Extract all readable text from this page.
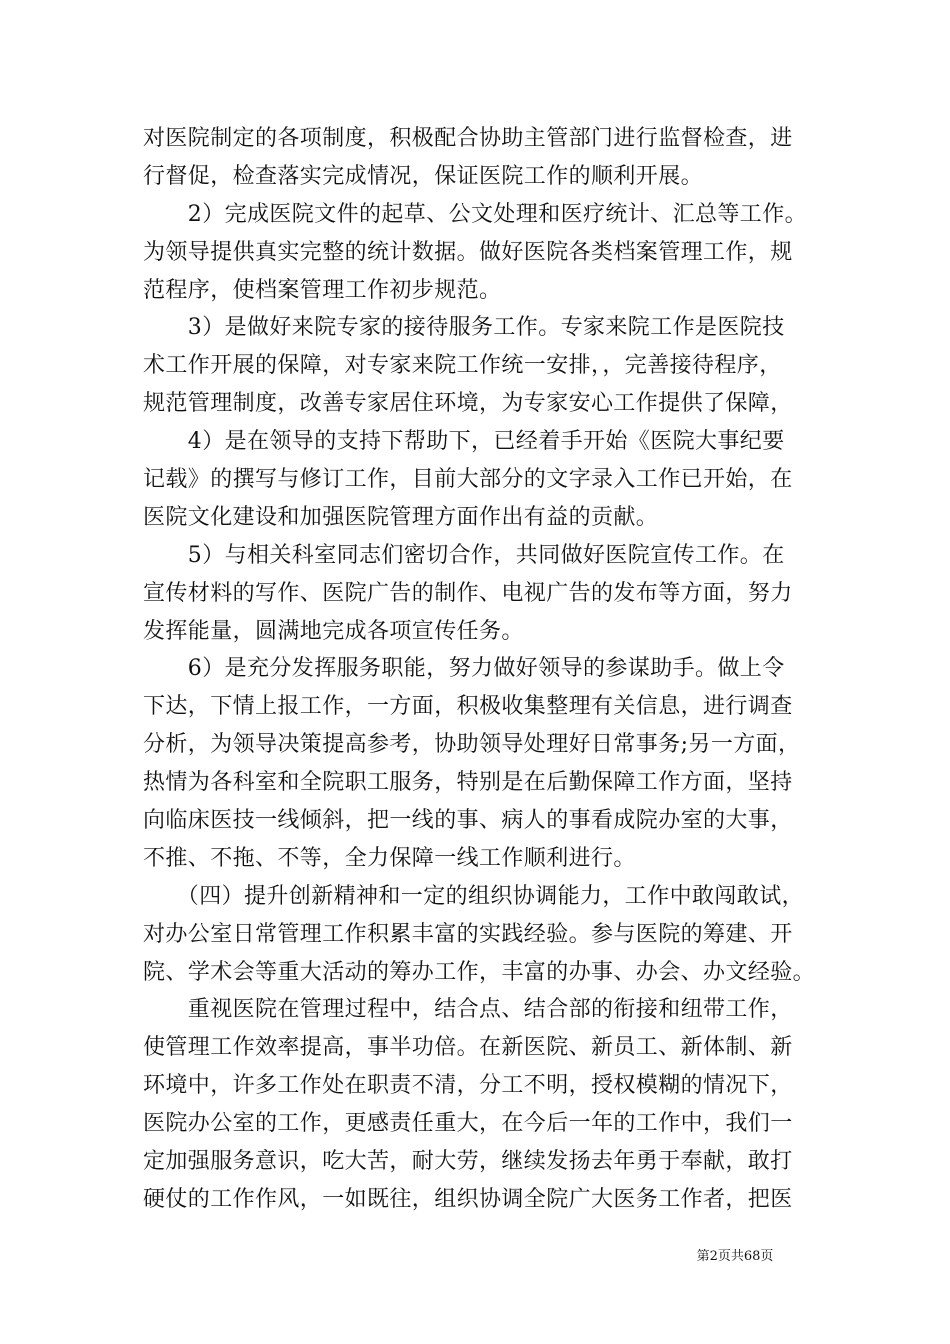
对医院制定的各项制度，积极配合协助主管部门进行监督检查，进
行督促，检查落实完成情况，保证医院工作的顺利开展。
　　2）完成医院文件的起草、公文处理和医疗统计、汇总等工作。
为领导提供真实完整的统计数据。做好医院各类档案管理工作，规
范程序，使档案管理工作初步规范。
　　3）是做好来院专家的接待服务工作。专家来院工作是医院技
术工作开展的保障，对专家来院工作统一安排，，完善接待程序，
规范管理制度，改善专家居住环境，为专家安心工作提供了保障，
　　4）是在领导的支持下帮助下，已经着手开始《医院大事纪要
记载》的撰写与修订工作，目前大部分的文字录入工作已开始，在
医院文化建设和加强医院管理方面作出有益的贡献。
　　5）与相关科室同志们密切合作，共同做好医院宣传工作。在
宣传材料的写作、医院广告的制作、电视广告的发布等方面，努力
发挥能量，圆满地完成各项宣传任务。
　　6）是充分发挥服务职能，努力做好领导的参谋助手。做上令
下达，下情上报工作，一方面，积极收集整理有关信息，进行调查
分析，为领导决策提高参考，协助领导处理好日常事务;另一方面，
热情为各科室和全院职工服务，特别是在后勤保障工作方面，坚持
向临床医技一线倾斜，把一线的事、病人的事看成院办室的大事，
不推、不拖、不等，全力保障一线工作顺利进行。
　　（四）提升创新精神和一定的组织协调能力，工作中敢闯敢试，
对办公室日常管理工作积累丰富的实践经验。参与医院的筹建、开
院、学术会等重大活动的筹办工作，丰富的办事、办会、办文经验。
　　重视医院在管理过程中，结合点、结合部的衔接和纽带工作，
使管理工作效率提高，事半功倍。在新医院、新员工、新体制、新
环境中，许多工作处在职责不清，分工不明，授权模糊的情况下，
医院办公室的工作，更感责任重大，在今后一年的工作中，我们一
定加强服务意识，吃大苦，耐大劳，继续发扬去年勇于奉献，敢打
硬仗的工作作风，一如既往，组织协调全院广大医务工作者，把医
第2页共68页
